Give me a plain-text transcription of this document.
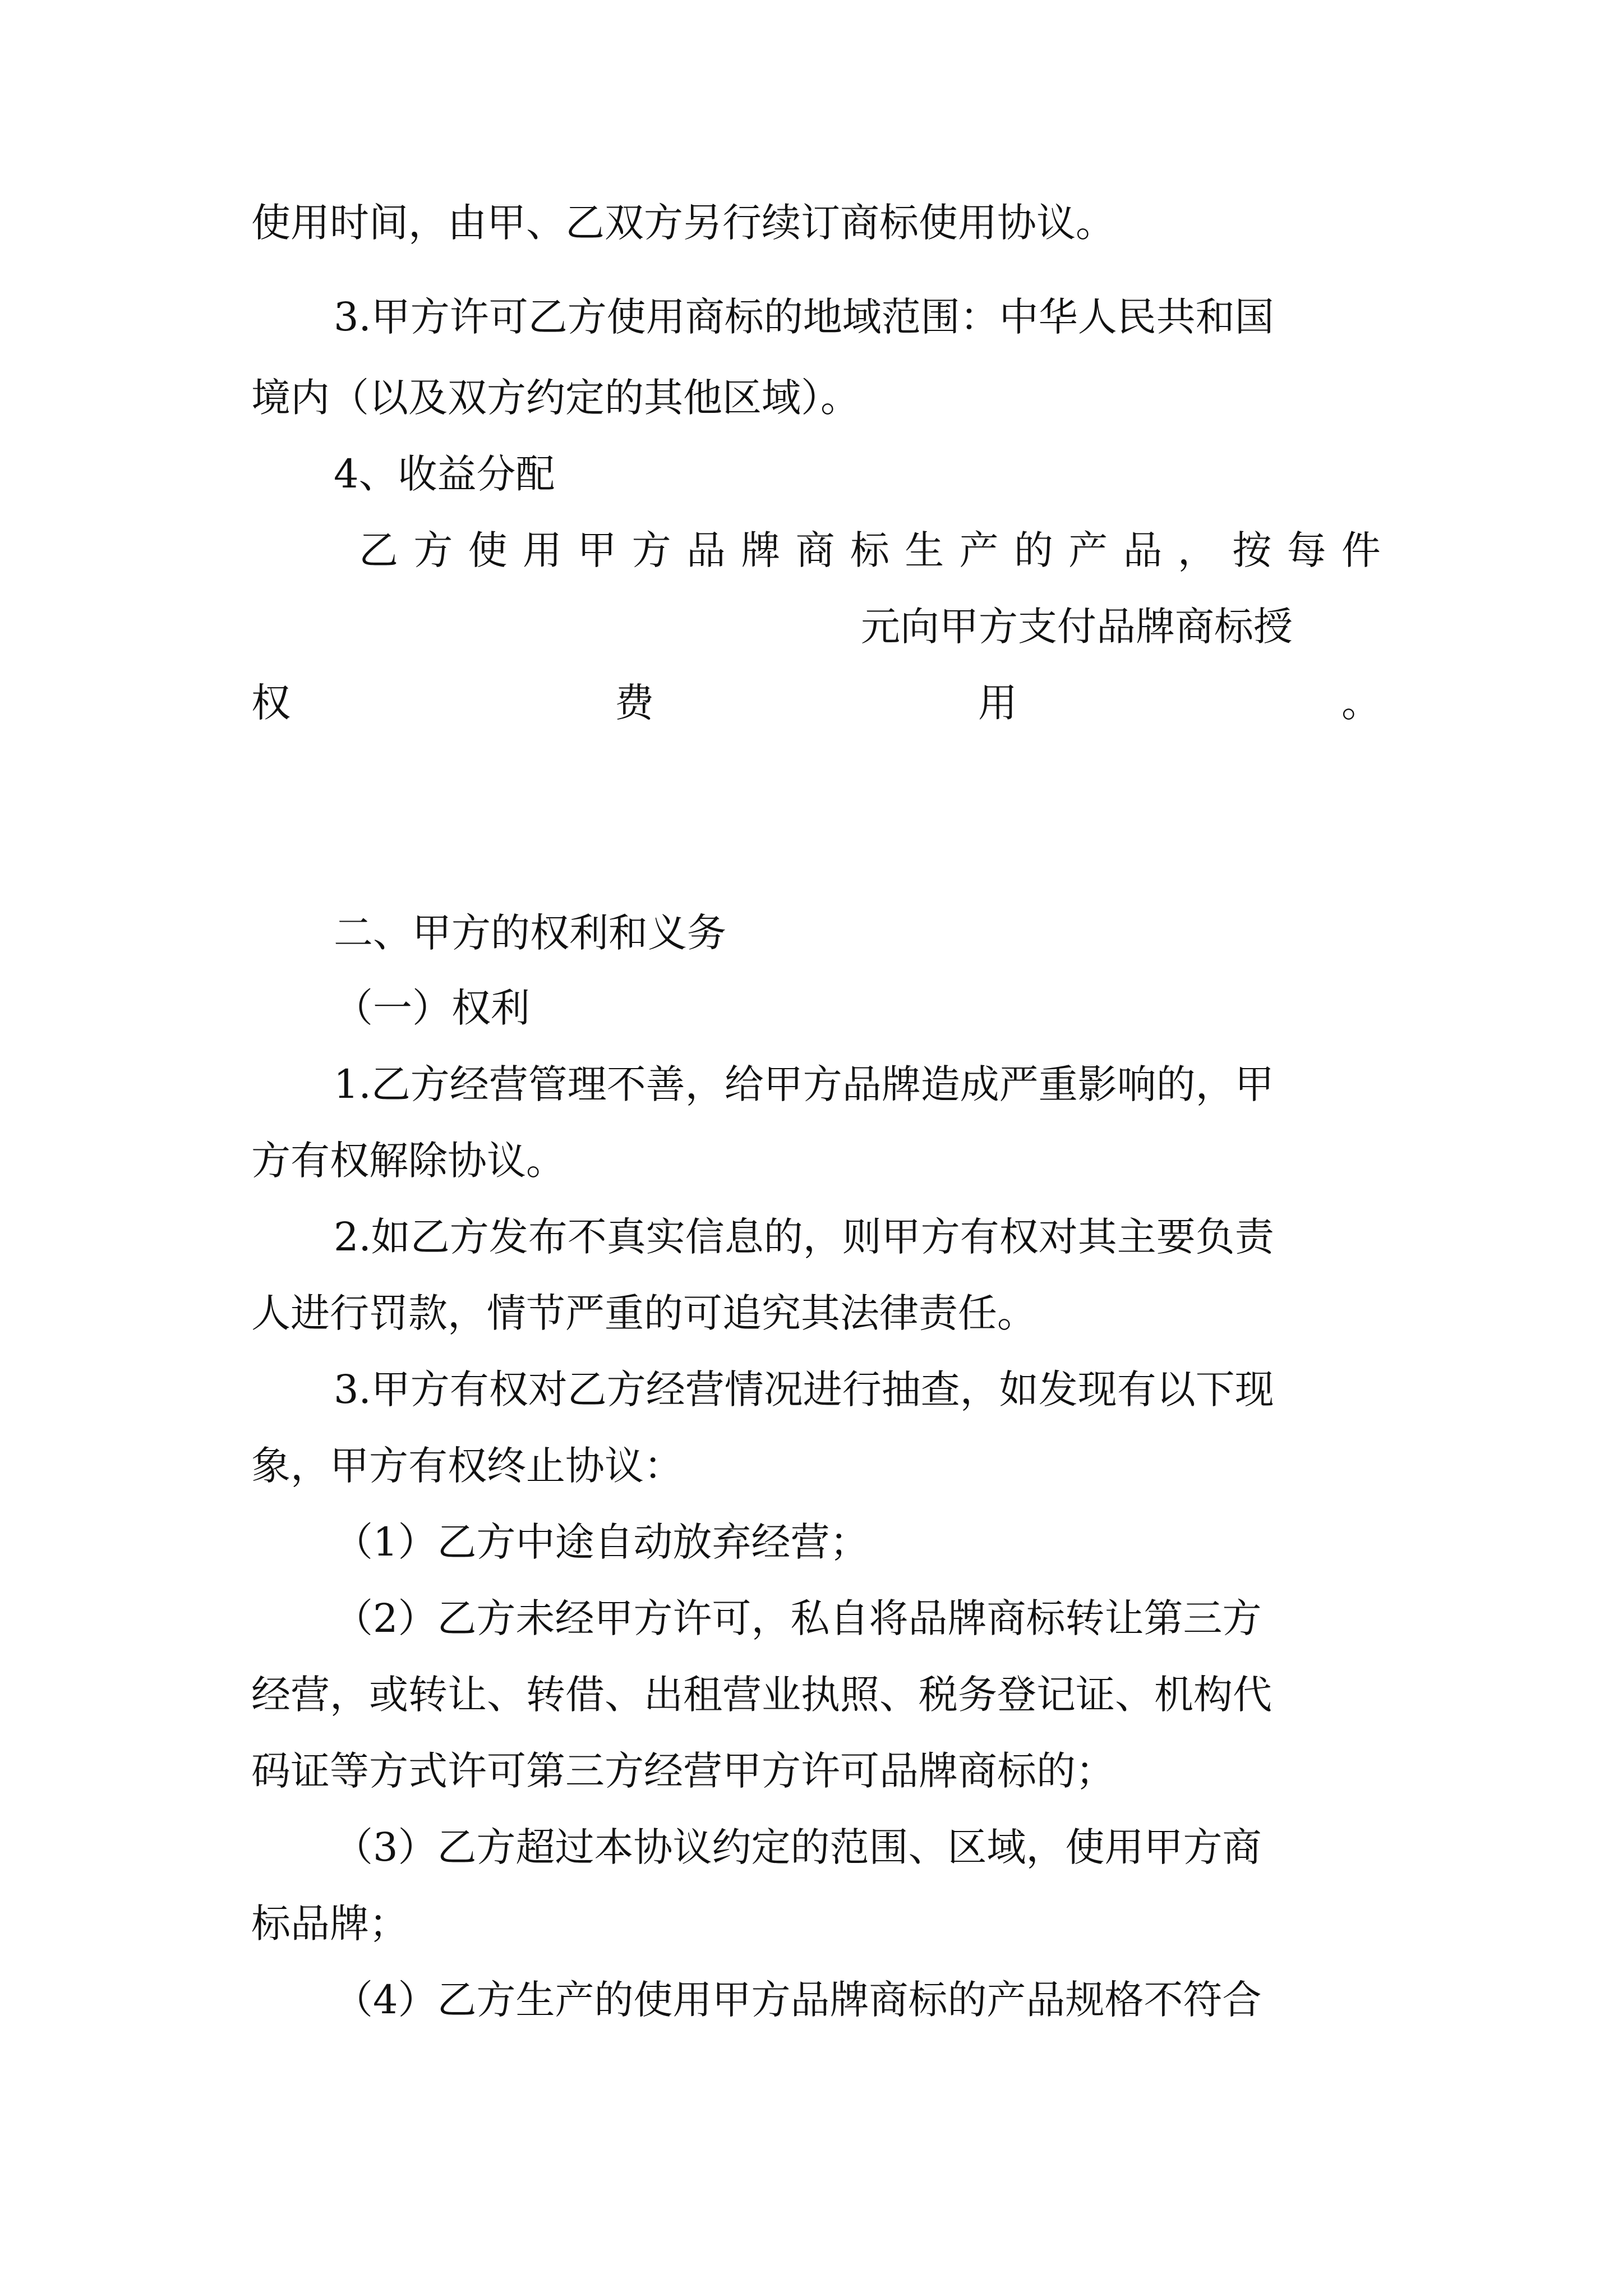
使用时间，由甲、乙双方另行续订商标使用协议。
3.甲方许可乙方使用商标的地域范围：中华人民共和国
境内（以及双方约定的其他区域）。
4、收益分配
乙 方 使 用 甲 方 品 牌 商 标 生 产 的 产 品 ， 按 每 件
元向甲方支付品牌商标授
权	费	用	。
二、甲方的权利和义务
（一）权利
1.乙方经营管理不善，给甲方品牌造成严重影响的，甲
方有权解除协议。
2.如乙方发布不真实信息的，则甲方有权对其主要负责
人进行罚款，情节严重的可追究其法律责任。
3.甲方有权对乙方经营情况进行抽查，如发现有以下现
象，甲方有权终止协议：
（1）乙方中途自动放弃经营；
（2）乙方未经甲方许可，私自将品牌商标转让第三方
经营，或转让、转借、出租营业执照、税务登记证、机构代
码证等方式许可第三方经营甲方许可品牌商标的；
（3）乙方超过本协议约定的范围、区域，使用甲方商
标品牌；
（4）乙方生产的使用甲方品牌商标的产品规格不符合
